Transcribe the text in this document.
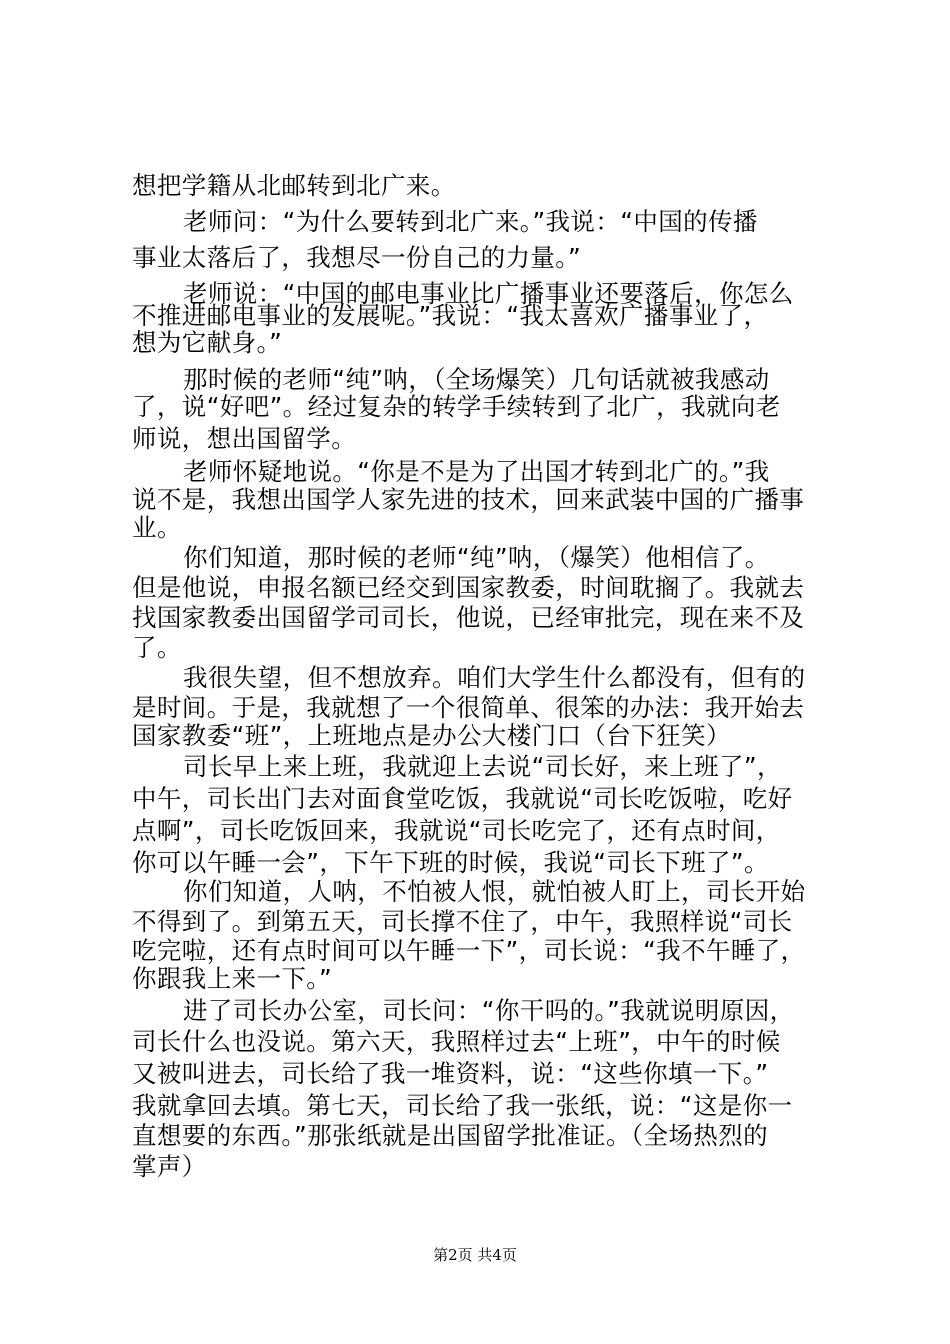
想把学籍从北邮转到北广来。
老师问：“为什么要转到北广来。”我说：“中国的传播
事业太落后了，我想尽一份自己的力量。”
老师说：“中国的邮电事业比广播事业还要落后，你怎么
不推进邮电事业的发展呢。”我说：“我太喜欢广播事业了，
想为它献身。”
那时候的老师“纯”呐，（全场爆笑）几句话就被我感动
了，说“好吧”。经过复杂的转学手续转到了北广，我就向老
师说，想出国留学。
老师怀疑地说。“你是不是为了出国才转到北广的。”我
说不是，我想出国学人家先进的技术，回来武装中国的广播事
业。
你们知道，那时候的老师“纯”呐，（爆笑）他相信了。
但是他说，申报名额已经交到国家教委，时间耽搁了。我就去
找国家教委出国留学司司长，他说，已经审批完，现在来不及
了。
我很失望，但不想放弃。咱们大学生什么都没有，但有的
是时间。于是，我就想了一个很简单、很笨的办法：我开始去
国家教委“班”，上班地点是办公大楼门口（台下狂笑）
司长早上来上班，我就迎上去说“司长好，来上班了”，
中午，司长出门去对面食堂吃饭，我就说“司长吃饭啦，吃好
点啊”，司长吃饭回来，我就说“司长吃完了，还有点时间，
你可以午睡一会”，下午下班的时候，我说“司长下班了”。
你们知道，人呐，不怕被人恨，就怕被人盯上，司长开始
不得到了。到第五天，司长撑不住了，中午，我照样说“司长
吃完啦，还有点时间可以午睡一下”，司长说：“我不午睡了，
你跟我上来一下。”
进了司长办公室，司长问：“你干吗的。”我就说明原因，
司长什么也没说。第六天，我照样过去“上班”，中午的时候
又被叫进去，司长给了我一堆资料，说：“这些你填一下。”
我就拿回去填。第七天，司长给了我一张纸，说：“这是你一
直想要的东西。”那张纸就是出国留学批准证。（全场热烈的
掌声）
第2页 共4页
